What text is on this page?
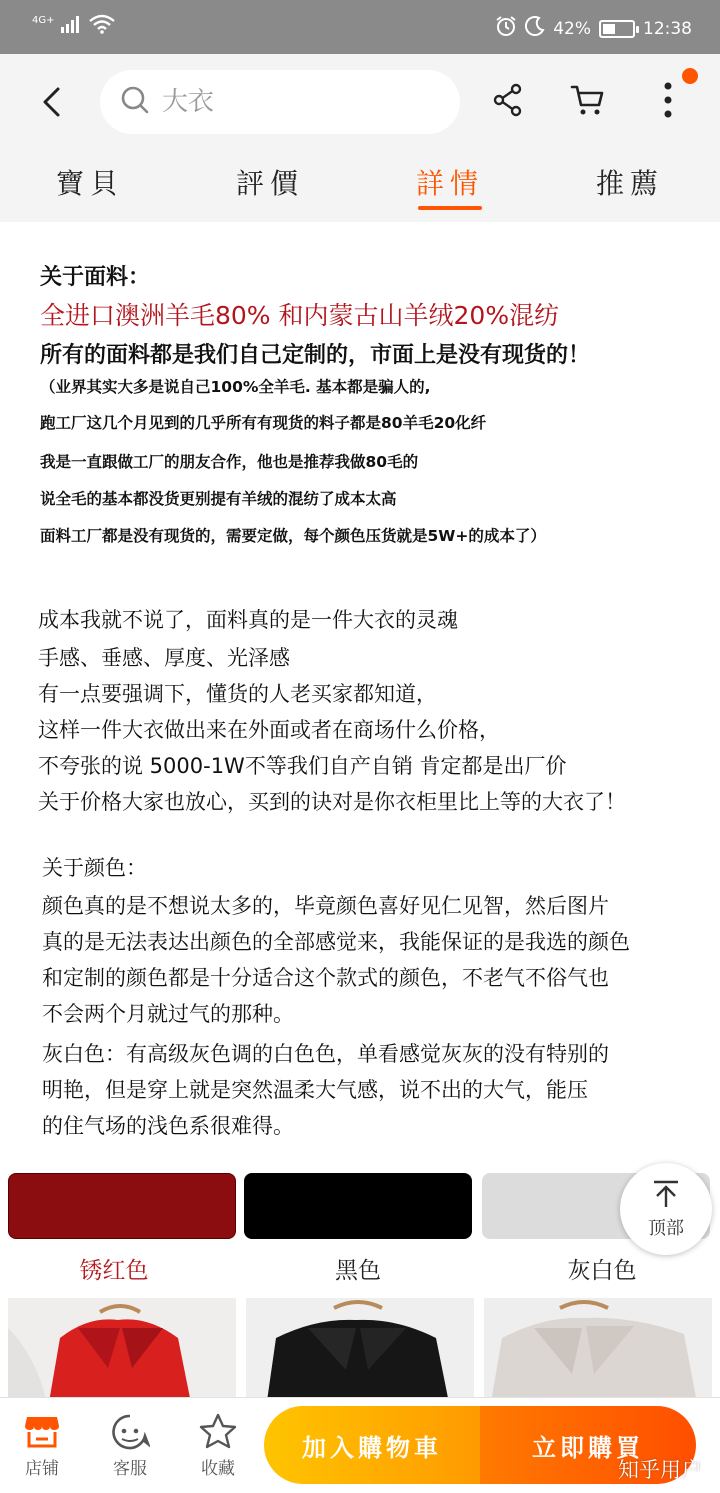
4G+	42%	12:38
大衣
寶貝	評價	詳情	推薦
关于面料：
全进口澳洲羊毛80% 和内蒙古山羊绒20%混纺
所有的面料都是我们自己定制的，市面上是没有现货的！
（业界其实大多是说自己100%全羊毛. 基本都是骗人的,
跑工厂这几个月见到的几乎所有有现货的料子都是80羊毛20化纤
我是一直跟做工厂的朋友合作，他也是推荐我做80毛的
说全毛的基本都没货更别提有羊绒的混纺了成本太高
面料工厂都是没有现货的，需要定做，每个颜色压货就是5W+的成本了）
成本我就不说了，面料真的是一件大衣的灵魂
手感、垂感、厚度、光泽感
有一点要强调下，懂货的人老买家都知道，
这样一件大衣做出来在外面或者在商场什么价格，
不夸张的说 5000-1W不等我们自产自销 肯定都是出厂价
关于价格大家也放心，买到的诀对是你衣柜里比上等的大衣了！
关于颜色：
颜色真的是不想说太多的，毕竟颜色喜好见仁见智，然后图片
真的是无法表达出颜色的全部感觉来，我能保证的是我选的颜色
和定制的颜色都是十分适合这个款式的颜色，不老气不俗气也
不会两个月就过气的那种。
灰白色：有高级灰色调的白色色，单看感觉灰灰的没有特别的
明艳，但是穿上就是突然温柔大气感，说不出的大气，能压
的住气场的浅色系很难得。
锈红色	黑色	灰白色
顶部
店铺	客服	收藏
加入購物車	立即購買
知乎用户
